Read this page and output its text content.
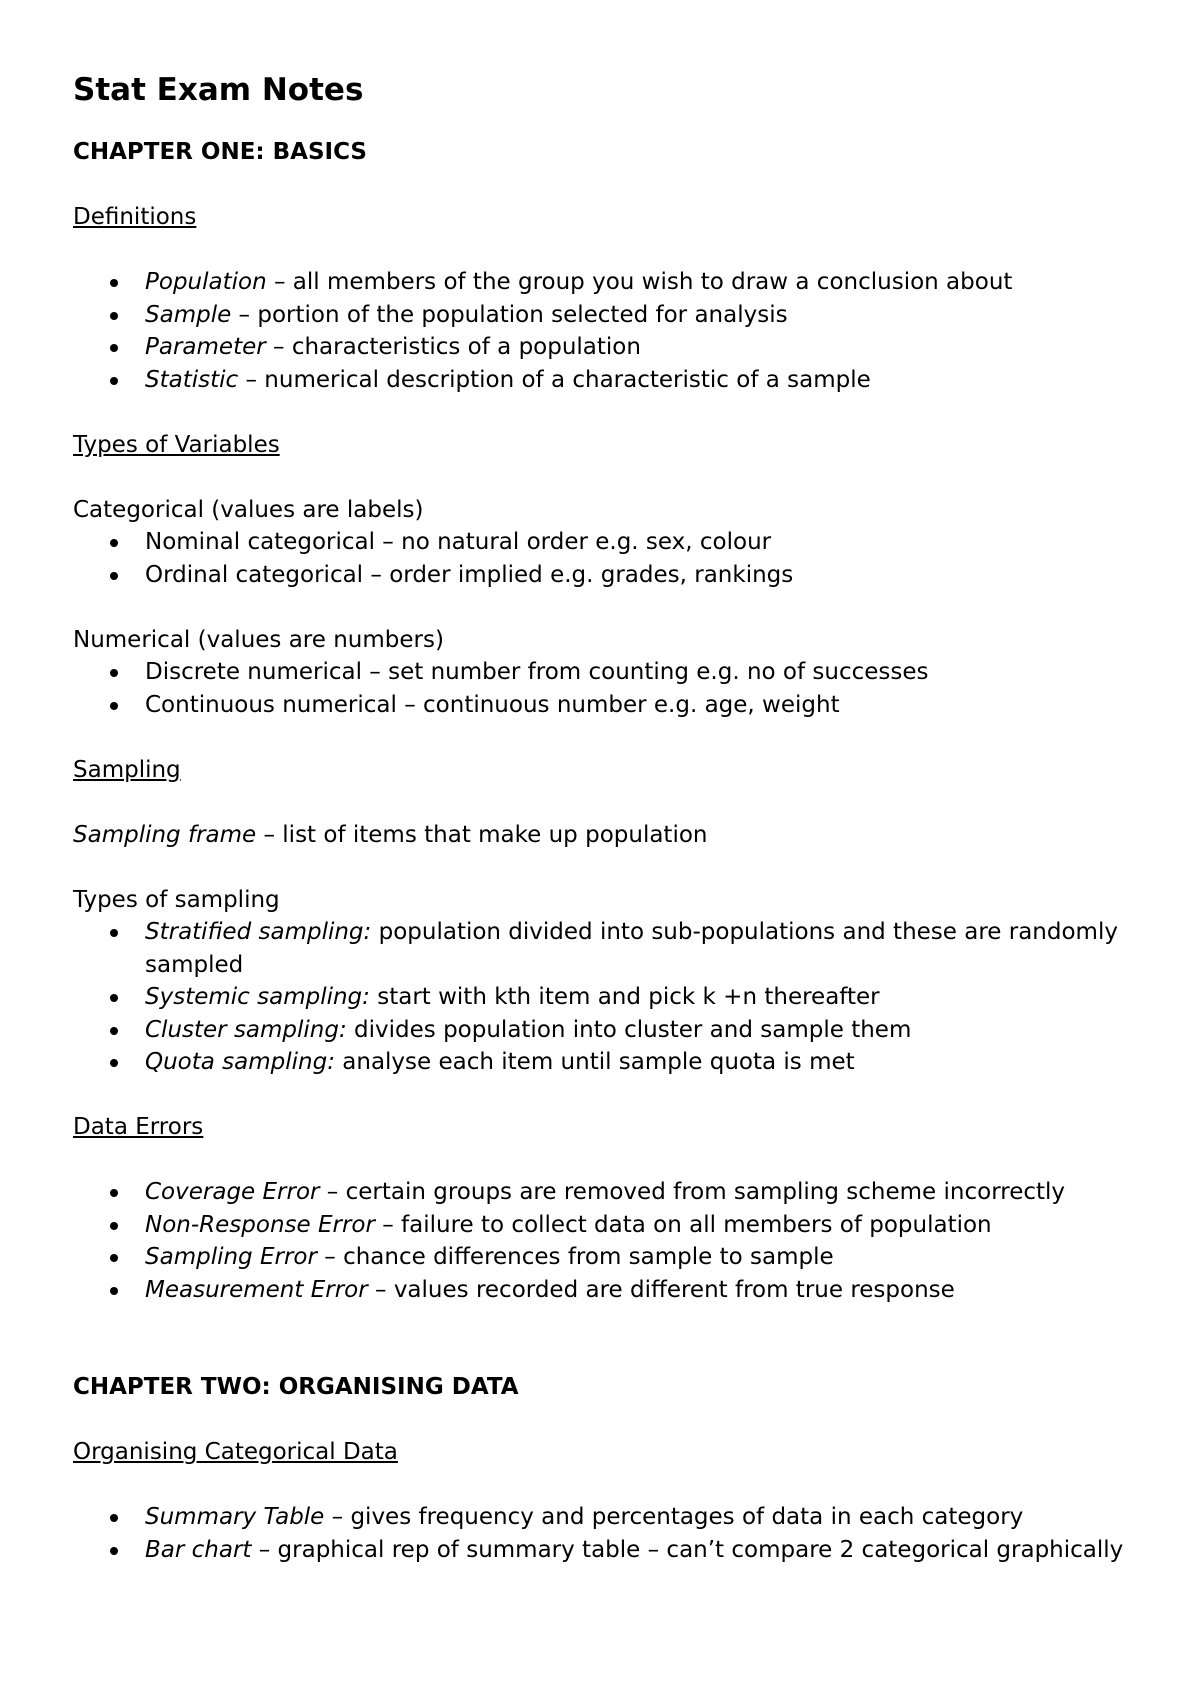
Stat Exam Notes
CHAPTER ONE: BASICS
Definitions
Population – all members of the group you wish to draw a conclusion about
Sample – portion of the population selected for analysis
Parameter – characteristics of a population
Statistic – numerical description of a characteristic of a sample
Types of Variables
Categorical (values are labels)
Nominal categorical – no natural order e.g. sex, colour
Ordinal categorical – order implied e.g. grades, rankings
Numerical (values are numbers)
Discrete numerical – set number from counting e.g. no of successes
Continuous numerical – continuous number e.g. age, weight
Sampling
Sampling frame – list of items that make up population
Types of sampling
Stratified sampling: population divided into sub-populations and these are randomly sampled
Systemic sampling: start with kth item and pick k +n thereafter
Cluster sampling: divides population into cluster and sample them
Quota sampling: analyse each item until sample quota is met
Data Errors
Coverage Error – certain groups are removed from sampling scheme incorrectly
Non-Response Error – failure to collect data on all members of population
Sampling Error – chance differences from sample to sample
Measurement Error – values recorded are different from true response
CHAPTER TWO: ORGANISING DATA
Organising Categorical Data
Summary Table – gives frequency and percentages of data in each category
Bar chart – graphical rep of summary table – can’t compare 2 categorical graphically
